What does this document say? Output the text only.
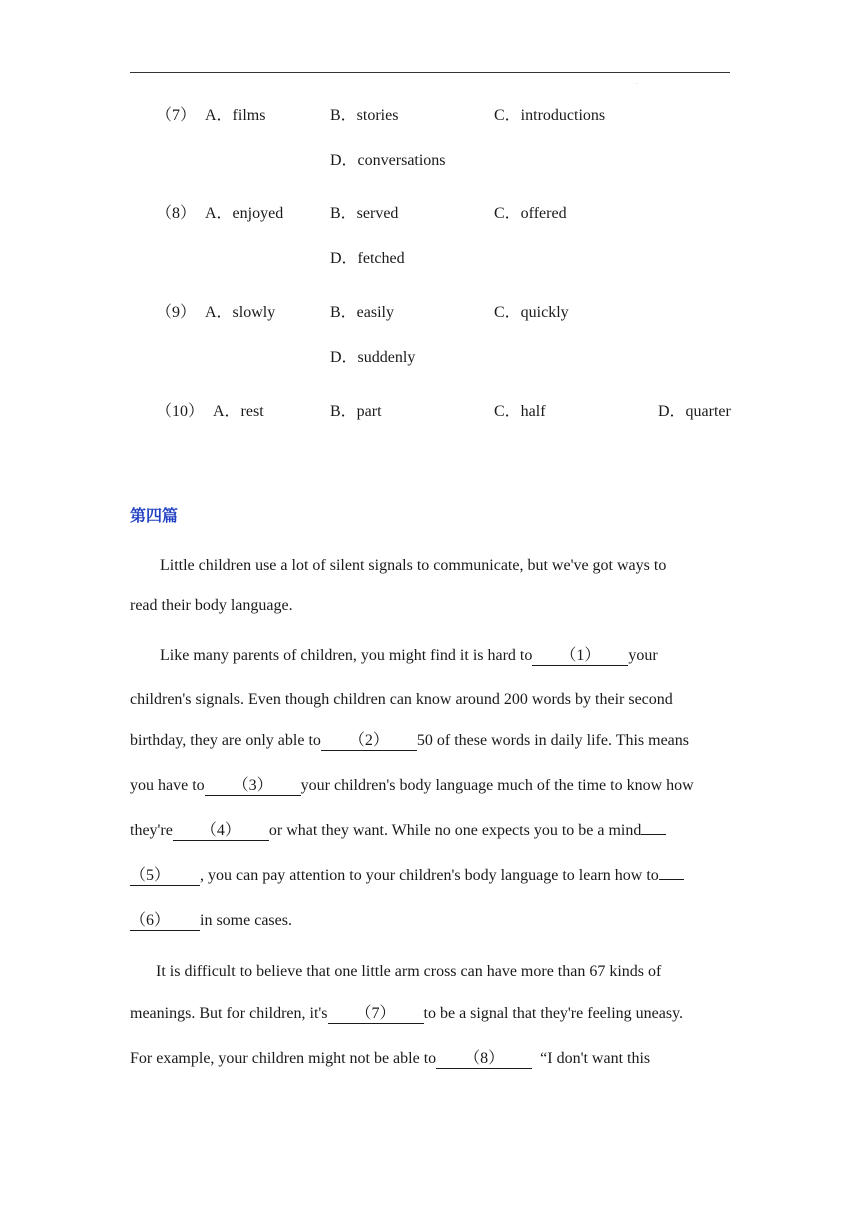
.
（7） A．films	B．stories	C．introductions
D．conversations
（8） A．enjoyed	B．served	C．offered
D．fetched
（9） A．slowly	B．easily	C．quickly
D．suddenly
（10） A．rest	B．part	C．half	D．quarter
第四篇
Little children use a lot of silent signals to communicate, but we've got ways to
read their body language.
Like many parents of children, you might find it is hard to （1） your
children's signals. Even though children can know around 200 words by their second
birthday, they are only able to （2） 50 of these words in daily life. This means
you have to （3） your children's body language much of the time to know how
they're （4） or what they want. While no one expects you to be a mind
（5） , you can pay attention to your children's body language to learn how to
（6） in some cases.
It is difficult to believe that one little arm cross can have more than 67 kinds of
meanings. But for children, it's （7） to be a signal that they're feeling uneasy.
For example, your children might not be able to （8） “I don't want this
